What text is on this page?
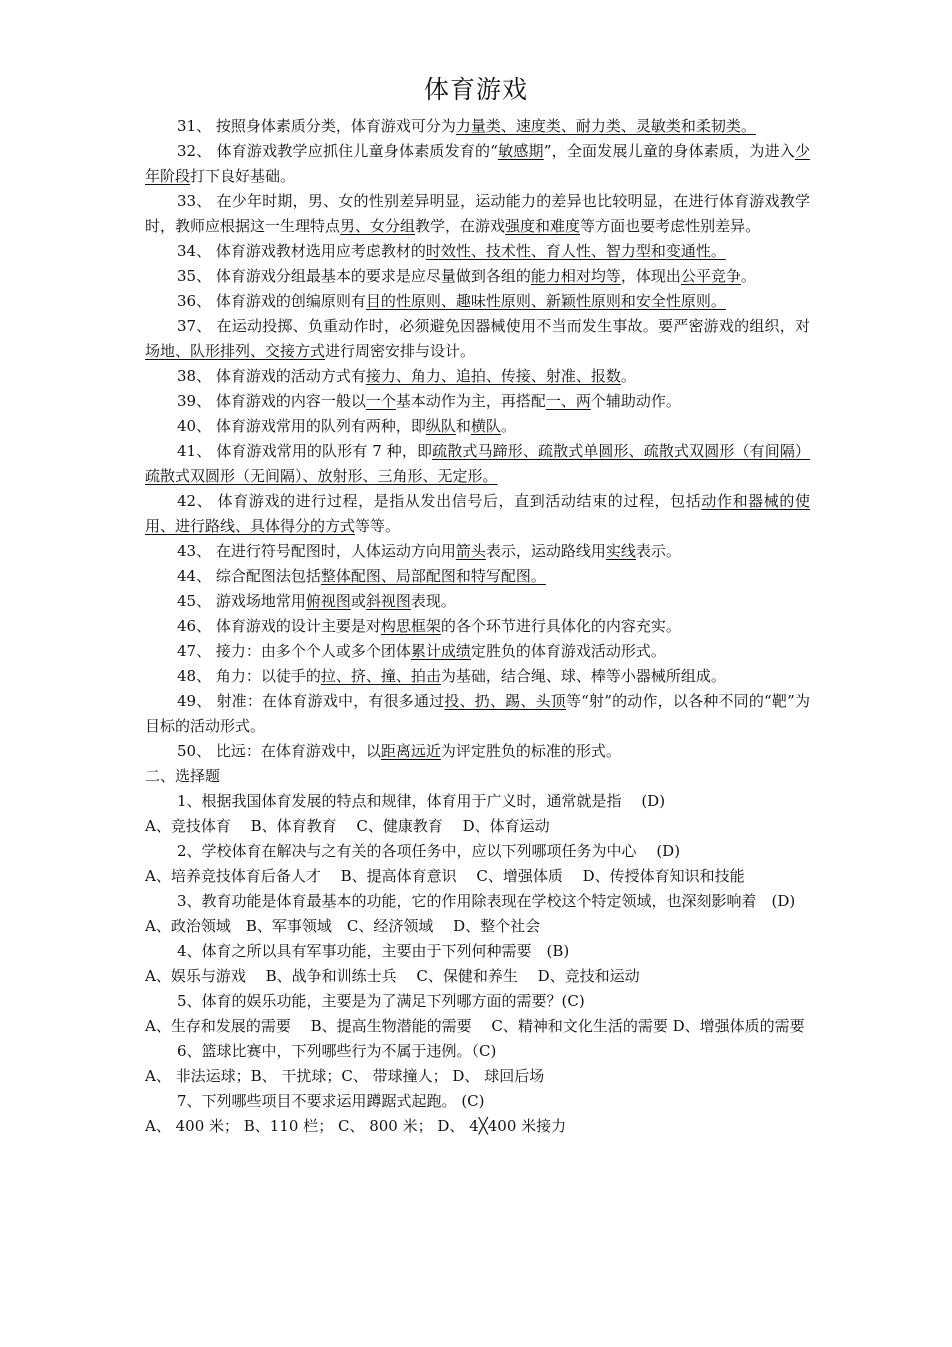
体育游戏

31、 按照身体素质分类，体育游戏可分为力量类、速度类、耐力类、灵敏类和柔韧类。

32、 体育游戏教学应抓住儿童身体素质发育的“敏感期”，全面发展儿童的身体素质，为进入少年阶段打下良好基础。

33、 在少年时期，男、女的性别差异明显，运动能力的差异也比较明显，在进行体育游戏教学时，教师应根据这一生理特点男、女分组教学，在游戏强度和难度等方面也要考虑性别差异。

34、 体育游戏教材选用应考虑教材的时效性、技术性、育人性、智力型和变通性。

35、 体育游戏分组最基本的要求是应尽量做到各组的能力相对均等，体现出公平竞争。

36、 体育游戏的创编原则有目的性原则、趣味性原则、新颖性原则和安全性原则。

37、 在运动投掷、负重动作时，必须避免因器械使用不当而发生事故。要严密游戏的组织，对场地、队形排列、交接方式进行周密安排与设计。

38、 体育游戏的活动方式有接力、角力、追拍、传接、射准、报数。

39、 体育游戏的内容一般以一个基本动作为主，再搭配一、两个辅助动作。

40、 体育游戏常用的队列有两种，即纵队和横队。

41、 体育游戏常用的队形有 7 种，即疏散式马蹄形、疏散式单圆形、疏散式双圆形（有间隔）疏散式双圆形（无间隔）、放射形、三角形、无定形。

42、 体育游戏的进行过程，是指从发出信号后，直到活动结束的过程，包括动作和器械的使用、进行路线、具体得分的方式等等。

43、 在进行符号配图时，人体运动方向用箭头表示，运动路线用实线表示。

44、 综合配图法包括整体配图、局部配图和特写配图。

45、 游戏场地常用俯视图或斜视图表现。

46、 体育游戏的设计主要是对构思框架的各个环节进行具体化的内容充实。

47、 接力：由多个个人或多个团体累计成绩定胜负的体育游戏活动形式。

48、 角力：以徒手的拉、挤、撞、拍击为基础，结合绳、球、棒等小器械所组成。

49、 射准：在体育游戏中，有很多通过投、扔、踢、头顶等“射”的动作，以各种不同的“靶”为目标的活动形式。

50、 比远：在体育游戏中，以距离远近为评定胜负的标准的形式。

二、选择题

1、根据我国体育发展的特点和规律，体育用于广义时，通常就是指 　(D)

A、竞技体育　 B、体育教育　 C、健康教育　 D、体育运动

2、学校体育在解决与之有关的各项任务中，应以下列哪项任务为中心　 (D)

A、培养竞技体育后备人才　 B、提高体育意识　 C、增强体质　 D、传授体育知识和技能

3、教育功能是体育最基本的功能，它的作用除表现在学校这个特定领域，也深刻影响着　(D)

A、政治领域　B、军事领域　C、经济领域　 D、整个社会

4、体育之所以具有军事功能，主要由于下列何种需要　(B)

A、娱乐与游戏　 B、战争和训练士兵　 C、保健和养生　 D、竞技和运动

5、体育的娱乐功能，主要是为了满足下列哪方面的需要？(C)

A、生存和发展的需要　 B、提高生物潜能的需要　 C、精神和文化生活的需要 D、增强体质的需要

6、篮球比赛中，下列哪些行为不属于违例。（C)

A、 非法运球；B、 干扰球；C、 带球撞人； D、 球回后场

7、下列哪些项目不要求运用蹲踞式起跑。 (C)

A、 400 米； B、110 栏； C、 800 米； D、 4╳400 米接力
